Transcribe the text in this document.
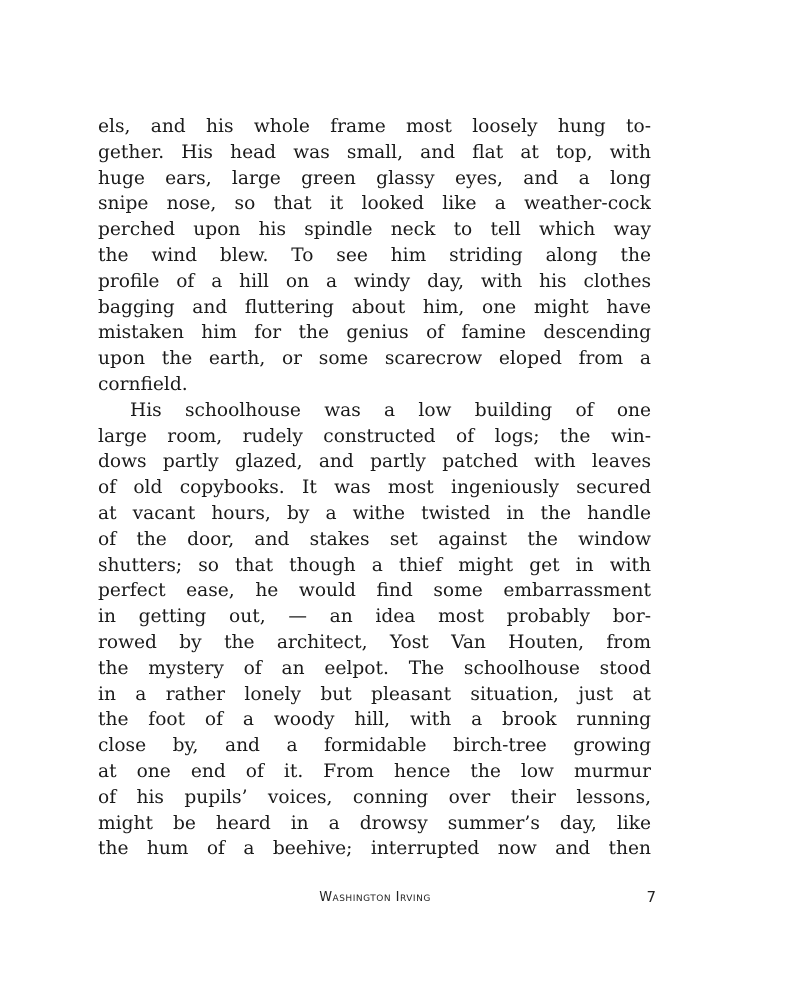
els, and his whole frame most loosely hung to-
gether. His head was small, and flat at top, with
huge ears, large green glassy eyes, and a long
snipe nose, so that it looked like a weather-cock
perched upon his spindle neck to tell which way
the wind blew. To see him striding along the
profile of a hill on a windy day, with his clothes
bagging and fluttering about him, one might have
mistaken him for the genius of famine descending
upon the earth, or some scarecrow eloped from a
cornfield.
His schoolhouse was a low building of one
large room, rudely constructed of logs; the win-
dows partly glazed, and partly patched with leaves
of old copybooks. It was most ingeniously secured
at vacant hours, by a withe twisted in the handle
of the door, and stakes set against the window
shutters; so that though a thief might get in with
perfect ease, he would find some embarrassment
in getting out, — an idea most probably bor-
rowed by the architect, Yost Van Houten, from
the mystery of an eelpot. The schoolhouse stood
in a rather lonely but pleasant situation, just at
the foot of a woody hill, with a brook running
close by, and a formidable birch-tree growing
at one end of it. From hence the low murmur
of his pupils’ voices, conning over their lessons,
might be heard in a drowsy summer’s day, like
the hum of a beehive; interrupted now and then
Washington Irving	7
